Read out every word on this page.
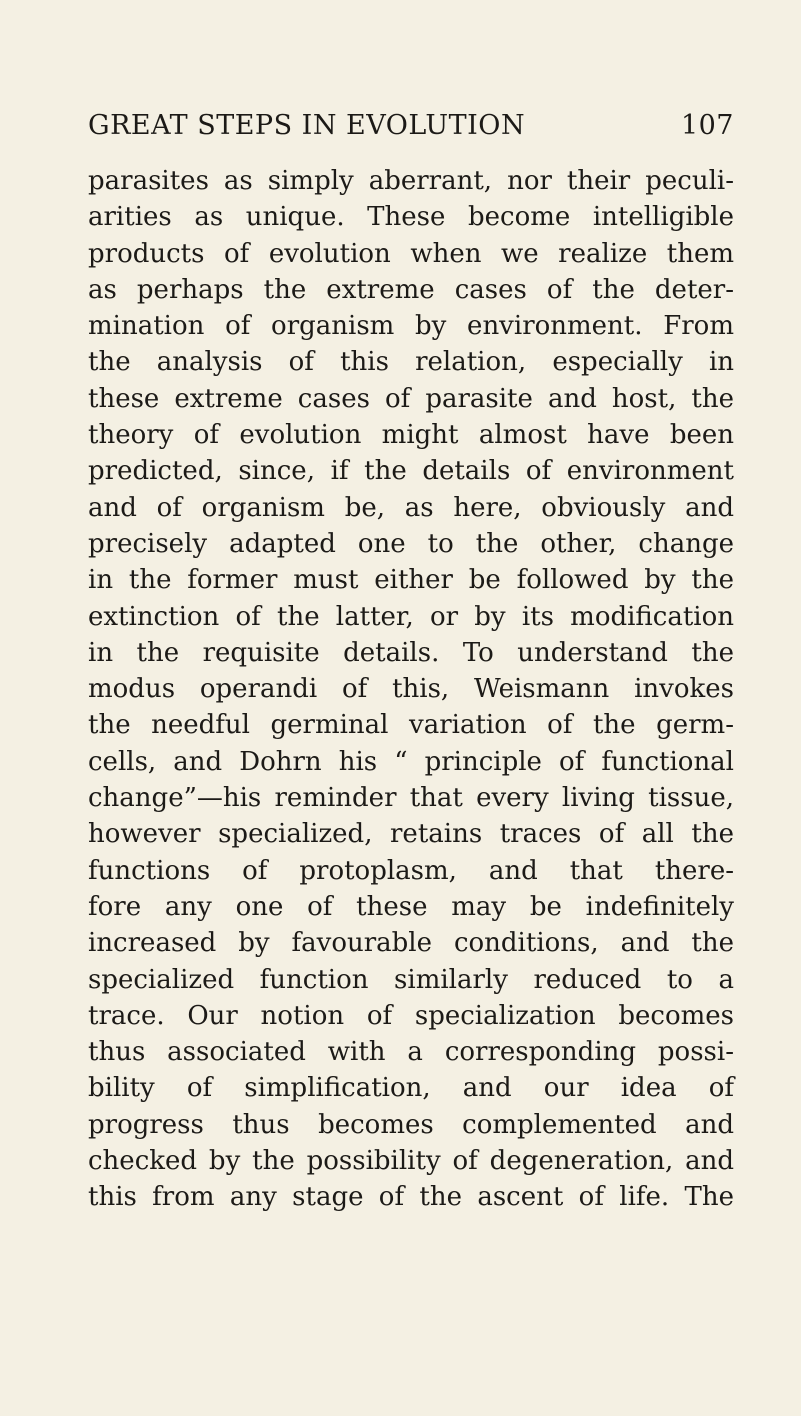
GREAT STEPS IN EVOLUTION	107
parasites as simply aberrant, nor their peculi-
arities as unique. These become intelligible
products of evolution when we realize them
as perhaps the extreme cases of the deter-
mination of organism by environment. From
the analysis of this relation, especially in
these extreme cases of parasite and host, the
theory of evolution might almost have been
predicted, since, if the details of environment
and of organism be, as here, obviously and
precisely adapted one to the other, change
in the former must either be followed by the
extinction of the latter, or by its modification
in the requisite details. To understand the
modus operandi of this, Weismann invokes
the needful germinal variation of the germ-
cells, and Dohrn his “ principle of functional
change”—his reminder that every living tissue,
however specialized, retains traces of all the
functions of protoplasm, and that there-
fore any one of these may be indefinitely
increased by favourable conditions, and the
specialized function similarly reduced to a
trace. Our notion of specialization becomes
thus associated with a corresponding possi-
bility of simplification, and our idea of
progress thus becomes complemented and
checked by the possibility of degeneration, and
this from any stage of the ascent of life. The
